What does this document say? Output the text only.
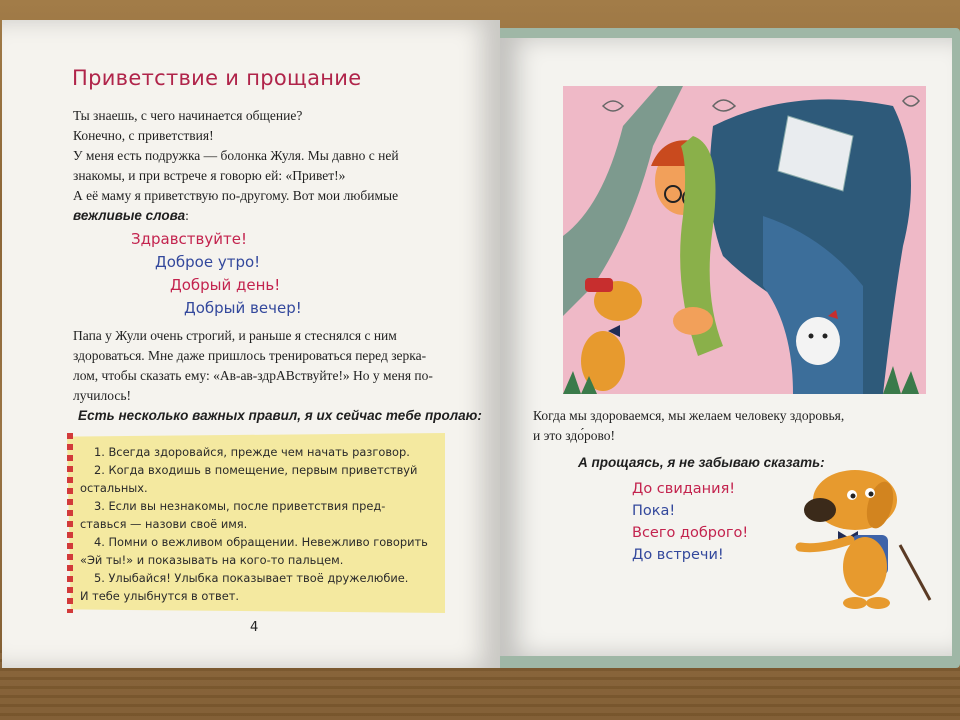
Приветствие и прощание
Ты знаешь, с чего начинается общение?
Конечно, с приветствия!
У меня есть подружка — болонка Жуля. Мы давно с ней
знакомы, и при встрече я говорю ей: «Привет!»
А её маму я приветствую по-другому. Вот мои любимые
вежливые слова:
Здравствуйте!
Доброе утро!
Добрый день!
Добрый вечер!
Папа у Жули очень строгий, и раньше я стеснялся с ним
здороваться. Мне даже пришлось тренироваться перед зерка-
лом, чтобы сказать ему: «Ав-ав-здрАВствуйте!» Но у меня по-
лучилось!
Есть несколько важных правил, я их сейчас тебе пролаю:
1. Всегда здоровайся, прежде чем начать разговор.
2. Когда входишь в помещение, первым приветствуй
остальных.
3. Если вы незнакомы, после приветствия пред-
ставься — назови своё имя.
4. Помни о вежливом обращении. Невежливо говорить
«Эй ты!» и показывать на кого-то пальцем.
5. Улыбайся! Улыбка показывает твоё дружелюбие.
И тебе улыбнутся в ответ.
4
Когда мы здороваемся, мы желаем человеку здоровья,
и это здо́рово!
А прощаясь, я не забываю сказать:
До свидания!
Пока!
Всего доброго!
До встречи!
